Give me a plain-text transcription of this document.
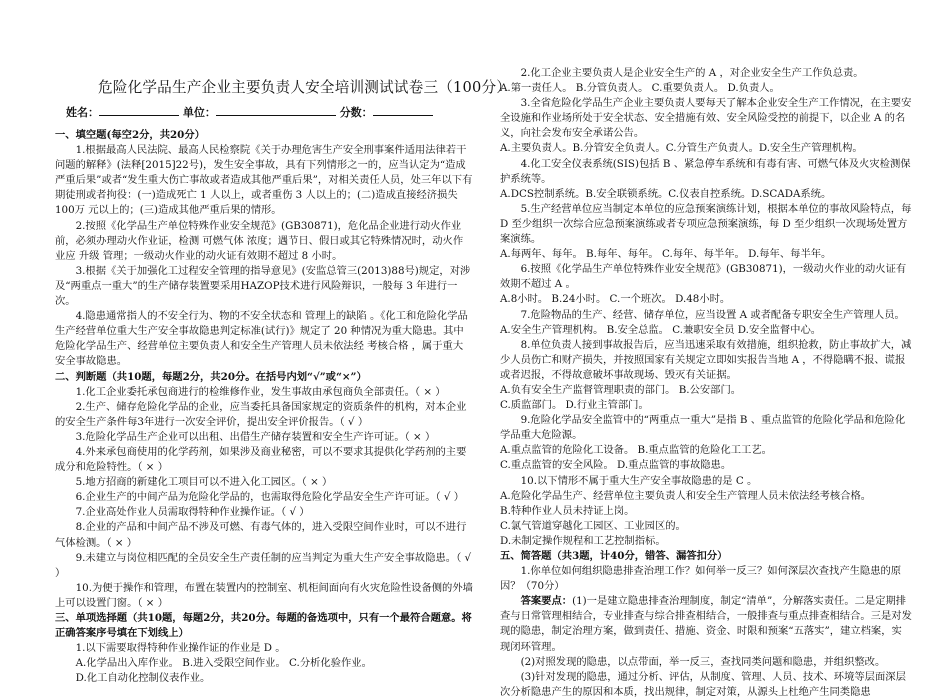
危险化学品生产企业主要负责人安全培训测试试卷三（100分）
姓名：	单位：	分数：

一、填空题(每空2分，共20分）

1.根据最高人民法院、最高人民检察院《关于办理危害生产安全刑事案件适用法律若干问题的解释》(法释[2015]22号)，发生安全事故，具有下列情形之一的，应当认定为“造成严重后果”或者“发生重大伤亡事故或者造成其他严重后果”，对相关责任人员，处三年以下有期徒刑或者拘役：(一)造成死亡 1 人以上，或者重伤 3 人以上的；(二)造成直接经济损失 100万 元以上的；(三)造成其他严重后果的情形。

2.按照《化学品生产单位特殊作业安全规范》(GB30871)，危化品企业进行动火作业前，必须办理动火作业证，检测 可燃气体 浓度；遇节日、假日或其它特殊情况时，动火作业应 升级 管理；一级动火作业的动火证有效期不超过 8 小时。

3.根据《关于加强化工过程安全管理的指导意见》(安监总管三(2013)88号)规定，对涉及“两重点一重大”的生产储存装置要采用HAZOP技术进行风险辩识，一般每 3 年进行一次。

4.隐患通常指人的不安全行为、物的不安全状态和 管理上的缺陷 。《化工和危险化学品生产经营单位重大生产安全事故隐患判定标准(试行)》规定了 20 种情况为重大隐患。其中危险化学品生产、经营单位主要负责人和安全生产管理人员未依法经 考核合格 ，属于重大安全事故隐患。

二、判断题（共10题，每题2分，共20分。在括号内划“√”或“×”）

1.化工企业委托承包商进行的检维修作业，发生事故由承包商负全部责任。（ × ）

2.生产、储存危险化学品的企业，应当委托具备国家规定的资质条件的机构，对本企业的安全生产条件每3年进行一次安全评价，提出安全评价报告。（ √ ）

3.危险化学品生产企业可以出租、出借生产储存装置和安全生产许可证。（ × ）

4.外来承包商使用的化学药剂，如果涉及商业秘密，可以不要求其提供化学药剂的主要成分和危险特性。（ × ）

5.地方招商的新建化工项目可以不进入化工园区。（ × ）

6.企业生产的中间产品为危险化学品的，也需取得危险化学品安全生产许可证。（ √ ）

7.企业高处作业人员需取得特种作业操作证。（ √ ）

8.企业的产品和中间产品不涉及可燃、有毒气体的，进入受限空间作业时，可以不进行气体检测。（ × ）

9.未建立与岗位相匹配的全员安全生产责任制的应当判定为重大生产安全事故隐患。（ √ ）

10.为便于操作和管理，布置在装置内的控制室、机柜间面向有火灾危险性设备侧的外墙上可以设置门窗。（ × ）

三、单项选择题（共10题，每题2分，共20分。每题的备选项中，只有一个最符合题意。将正确答案序号填在下划线上）

1.以下需要取得特种作业操作证的作业是 D 。

A.化学品出入库作业。 B.进入受限空间作业。 C.分析化验作业。

D.化工自动化控制仪表作业。

2.化工企业主要负责人是企业安全生产的 A ，对企业安全生产工作负总责。

A.第一责任人。 B.分管负责人。 C.重要负责人。 D.负责人。

3.全省危险化学品生产企业主要负责人要每天了解本企业安全生产工作情况，在主要安全设施和作业场所处于安全状态、安全措施有效、安全风险受控的前提下，以企业 A 的名义，向社会发布安全承诺公告。

A.主要负责人。B.分管安全负责人。C.分管生产负责人。D.安全生产管理机构。

4.化工安全仪表系统(SIS)包括 B 、紧急停车系统和有毒有害、可燃气体及火灾检测保护系统等。

A.DCS控制系统。B.安全联锁系统。C.仪表自控系统。D.SCADA系统。

5.生产经营单位应当制定本单位的应急预案演练计划，根据本单位的事故风险特点，每 D 至少组织一次综合应急预案演练或者专项应急预案演练，每 D 至少组织一次现场处置方案演练。

A.每两年、每年。 B.每年、每年。 C.每年、每半年。 D.每年、每半年。

6.按照《化学品生产单位特殊作业安全规范》(GB30871)，一级动火作业的动火证有效期不超过 A 。

A.8小时。 B.24小时。 C.一个班次。 D.48小时。

7.危险物品的生产、经营、储存单位，应当设置 A 或者配备专职安全生产管理人员。

A.安全生产管理机构。 B.安全总监。 C.兼职安全员 D.安全监督中心。

8.单位负责人接到事故报告后，应当迅速采取有效措施，组织抢救，防止事故扩大，减少人员伤亡和财产损失，并按照国家有关规定立即如实报告当地 A ，不得隐瞒不报、谎报或者迟报，不得故意破坏事故现场、毁灭有关证据。

A.负有安全生产监督管理职责的部门。 B.公安部门。

C.质监部门。 D.行业主管部门。

9.危险化学品安全监管中的“两重点一重大”是指 B 、重点监管的危险化学品和危险化学品重大危险源。

A.重点监管的危险化工设备。 B.重点监管的危险化工工艺。

C.重点监管的安全风险。 D.重点监管的事故隐患。

10.以下情形不属于重大生产安全事故隐患的是 C 。

A.危险化学品生产、经营单位主要负责人和安全生产管理人员未依法经考核合格。

B.特种作业人员未持证上岗。

C.氯气管道穿越化工园区、工业园区的。

D.未制定操作规程和工艺控制指标。

五、简答题（共3题，计40分，错答、漏答扣分）

1.你单位如何组织隐患排查治理工作？如何举一反三？如何深层次查找产生隐患的原因？（70分）

答案要点：(1)一是建立隐患排查治理制度，制定“清单”，分解落实责任。二是定期排查与日常管理相结合，专业排查与综合排查相结合，一般排查与重点排查相结合。三是对发现的隐患，制定治理方案，做到责任、措施、资金、时限和预案“五落实”，建立档案，实现闭环管理。

(2)对照发现的隐患，以点带面，举一反三，查找同类问题和隐患，并组织整改。

(3)针对发现的隐患，通过分析、评估，从制度、管理、人员、技术、环境等层面深层次分析隐患产生的原因和本质，找出规律，制定对策，从源头上杜绝产生同类隐患
